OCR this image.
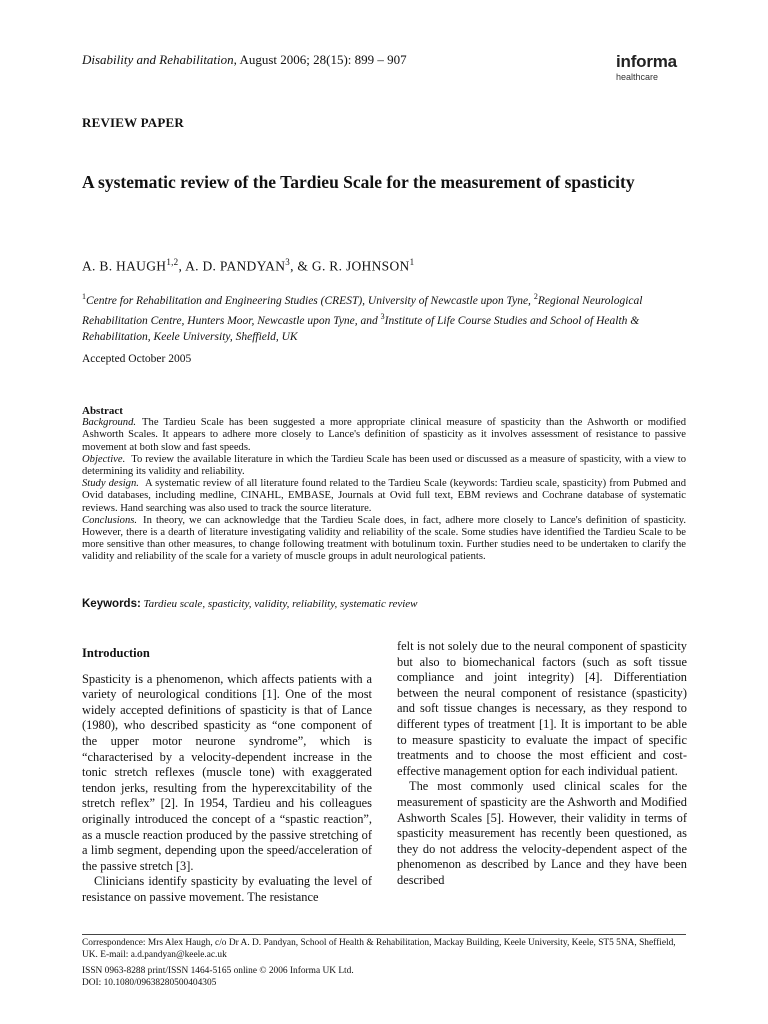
Disability and Rehabilitation, August 2006; 28(15): 899 – 907	informa
healthcare
REVIEW PAPER
A systematic review of the Tardieu Scale for the measurement of spasticity
A. B. HAUGH$^{1,2}$, A. D. PANDYAN$^3$, & G. R. JOHNSON$^1$
$^1$Centre for Rehabilitation and Engineering Studies (CREST), University of Newcastle upon Tyne, $^2$Regional Neurological Rehabilitation Centre, Hunters Moor, Newcastle upon Tyne, and $^3$Institute of Life Course Studies and School of Health & Rehabilitation, Keele University, Sheffield, UK
Accepted October 2005
Abstract

Background. The Tardieu Scale has been suggested a more appropriate clinical measure of spasticity than the Ashworth or modified Ashworth Scales. It appears to adhere more closely to Lance's definition of spasticity as it involves assessment of resistance to passive movement at both slow and fast speeds.

Objective. To review the available literature in which the Tardieu Scale has been used or discussed as a measure of spasticity, with a view to determining its validity and reliability.

Study design. A systematic review of all literature found related to the Tardieu Scale (keywords: Tardieu scale, spasticity) from Pubmed and Ovid databases, including medline, CINAHL, EMBASE, Journals at Ovid full text, EBM reviews and Cochrane database of systematic reviews. Hand searching was also used to track the source literature.

Conclusions. In theory, we can acknowledge that the Tardieu Scale does, in fact, adhere more closely to Lance's definition of spasticity. However, there is a dearth of literature investigating validity and reliability of the scale. Some studies have identified the Tardieu Scale to be more sensitive than other measures, to change following treatment with botulinum toxin. Further studies need to be undertaken to clarify the validity and reliability of the scale for a variety of muscle groups in adult neurological patients.

Keywords: Tardieu scale, spasticity, validity, reliability, systematic review

Introduction

Spasticity is a phenomenon, which affects patients with a variety of neurological conditions [1]. One of the most widely accepted definitions of spasticity is that of Lance (1980), who described spasticity as “one component of the upper motor neurone syndrome”, which is “characterised by a velocity-dependent increase in the tonic stretch reflexes (muscle tone) with exaggerated tendon jerks, resulting from the hyperexcitability of the stretch reflex” [2]. In 1954, Tardieu and his colleagues originally introduced the concept of a “spastic reaction”, as a muscle reaction produced by the passive stretching of a limb segment, depending upon the speed/acceleration of the passive stretch [3].

Clinicians identify spasticity by evaluating the level of resistance on passive movement. The resistance

felt is not solely due to the neural component of spasticity but also to biomechanical factors (such as soft tissue compliance and joint integrity) [4]. Differentiation between the neural component of resistance (spasticity) and soft tissue changes is necessary, as they respond to different types of treatment [1]. It is important to be able to measure spasticity to evaluate the impact of specific treatments and to choose the most efficient and cost-effective management option for each individual patient.

The most commonly used clinical scales for the measurement of spasticity are the Ashworth and Modified Ashworth Scales [5]. However, their validity in terms of spasticity measurement has recently been questioned, as they do not address the velocity-dependent aspect of the phenomenon as described by Lance and they have been described

Correspondence: Mrs Alex Haugh, c/o Dr A. D. Pandyan, School of Health & Rehabilitation, Mackay Building, Keele University, Keele, ST5 5NA, Sheffield, UK. E-mail: a.d.pandyan@keele.ac.uk
ISSN 0963-8288 print/ISSN 1464-5165 online © 2006 Informa UK Ltd.
DOI: 10.1080/09638280500404305
